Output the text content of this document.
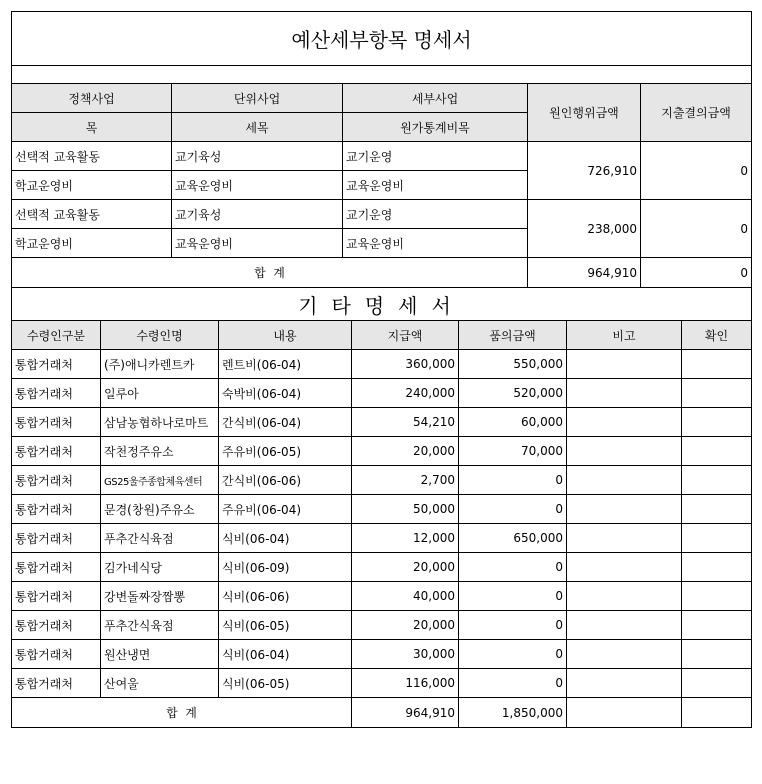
예산세부항목 명세서				

정책사업	단위사업	세부사업	원인행위금액	지출결의금액
목	세목	원가통계비목		
선택적 교육활동	교기육성	교기운영	726,910	0
학교운영비	교육운영비	교육운영비		
선택적 교육활동	교기육성	교기운영	238,000	0
학교운영비	교육운영비	교육운영비		
합  계			964,910	0
기타명세서						
수령인구분	수령인명	내용	지급액	품의금액	비고	확인
통합거래처	(주)애니카렌트카	렌트비(06-04)	360,000	550,000		
통합거래처	일루아	숙박비(06-04)	240,000	520,000		
통합거래처	삼남농협하나로마트	간식비(06-04)	54,210	60,000		
통합거래처	작천정주유소	주유비(06-05)	20,000	70,000		
통합거래처	GS25울주종합체육센터	간식비(06-06)	2,700	0		
통합거래처	문경(창원)주유소	주유비(06-04)	50,000	0		
통합거래처	푸추간식육점	식비(06-04)	12,000	650,000		
통합거래처	김가네식당	식비(06-09)	20,000	0		
통합거래처	강변돌짜장짬뽕	식비(06-06)	40,000	0		
통합거래처	푸추간식육점	식비(06-05)	20,000	0		
통합거래처	원산냉면	식비(06-04)	30,000	0		
통합거래처	산여울	식비(06-05)	116,000	0		
합  계			964,910	1,850,000		
